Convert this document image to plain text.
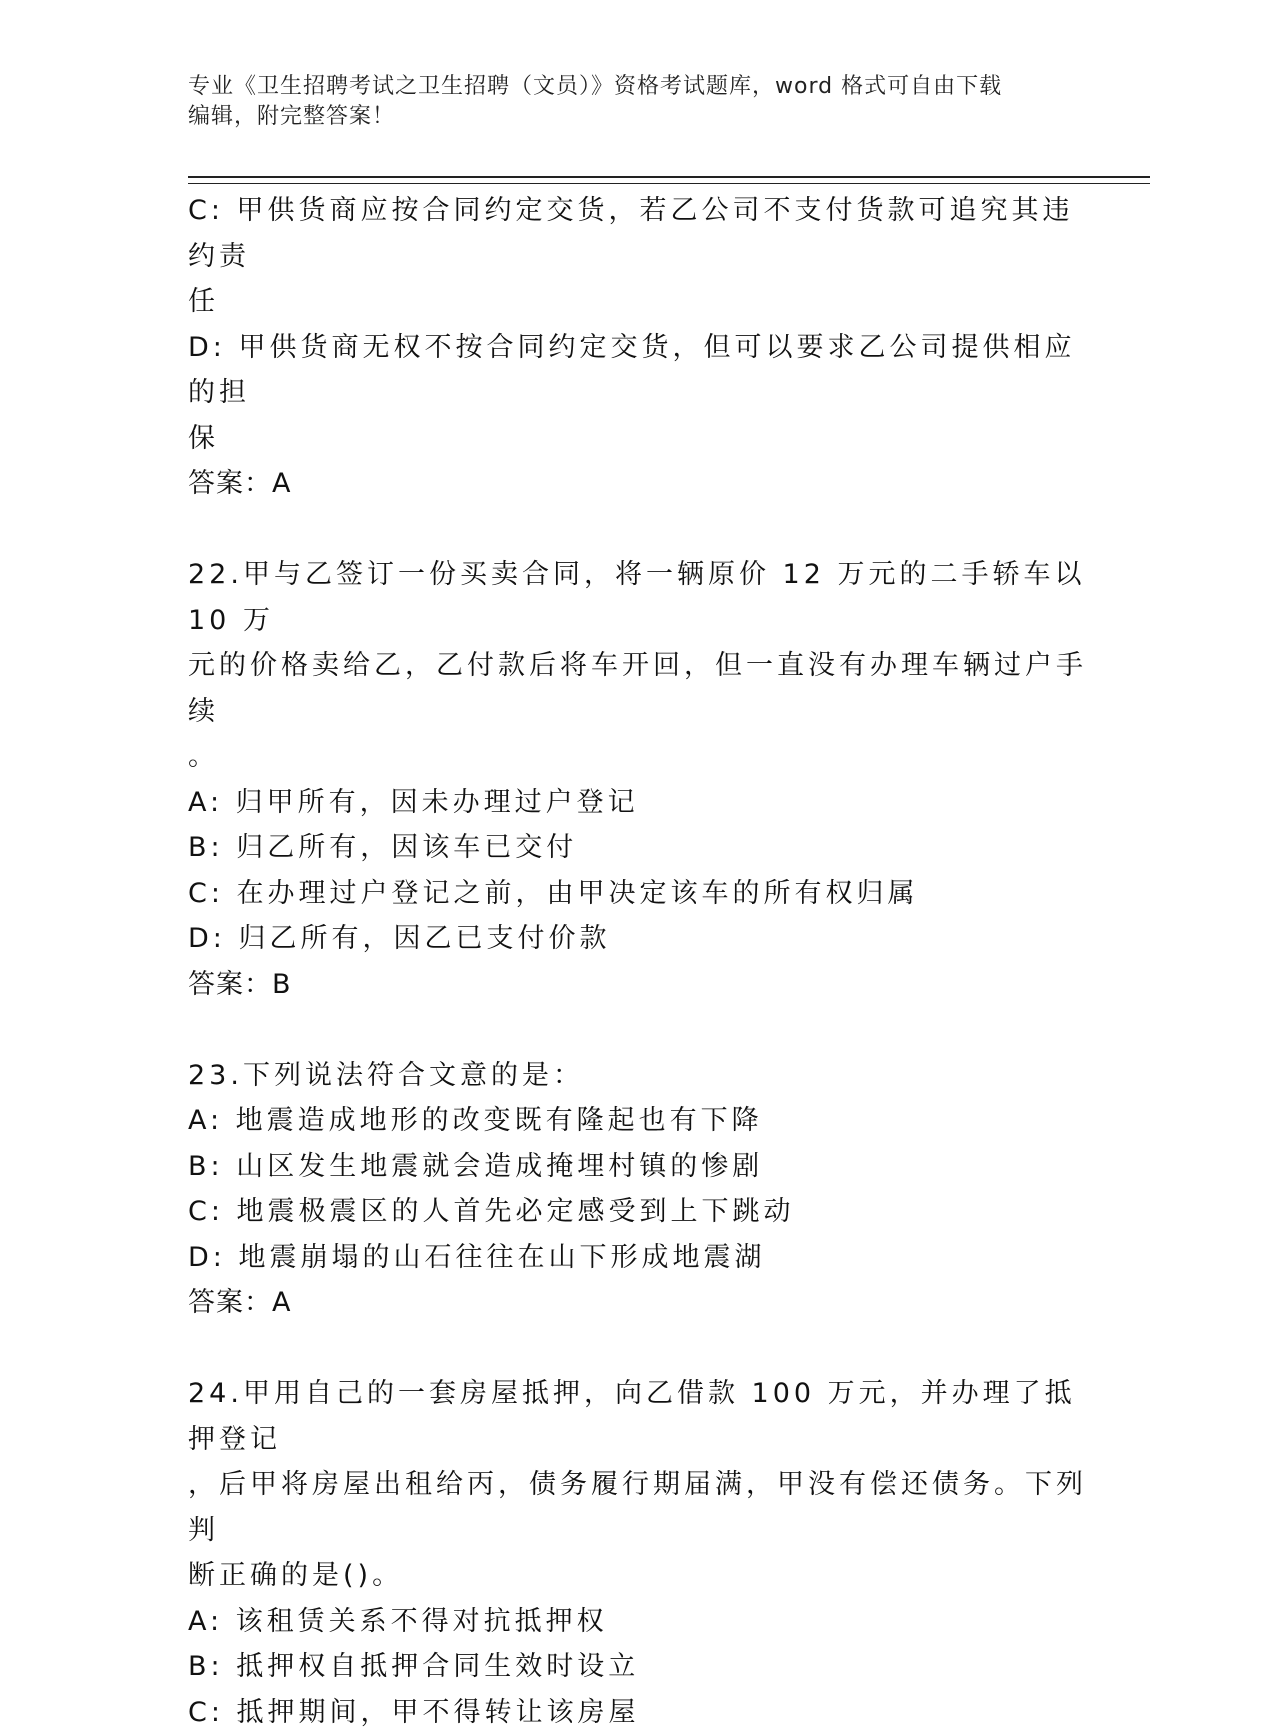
专业《卫生招聘考试之卫生招聘（文员）》资格考试题库，word 格式可自由下载
编辑，附完整答案！
C: 甲供货商应按合同约定交货，若乙公司不支付货款可追究其违约责
任
D: 甲供货商无权不按合同约定交货，但可以要求乙公司提供相应的担
保
答案：A
22.甲与乙签订一份买卖合同，将一辆原价 12 万元的二手轿车以 10 万
元的价格卖给乙，乙付款后将车开回，但一直没有办理车辆过户手续
。
A: 归甲所有，因未办理过户登记
B: 归乙所有，因该车已交付
C: 在办理过户登记之前，由甲决定该车的所有权归属
D: 归乙所有，因乙已支付价款
答案：B
23.下列说法符合文意的是：
A: 地震造成地形的改变既有隆起也有下降
B: 山区发生地震就会造成掩埋村镇的惨剧
C: 地震极震区的人首先必定感受到上下跳动
D: 地震崩塌的山石往往在山下形成地震湖
答案：A
24.甲用自己的一套房屋抵押，向乙借款 100 万元，并办理了抵押登记
，后甲将房屋出租给丙，债务履行期届满，甲没有偿还债务。下列判
断正确的是()。
A: 该租赁关系不得对抗抵押权
B: 抵押权自抵押合同生效时设立
C: 抵押期间，甲不得转让该房屋
